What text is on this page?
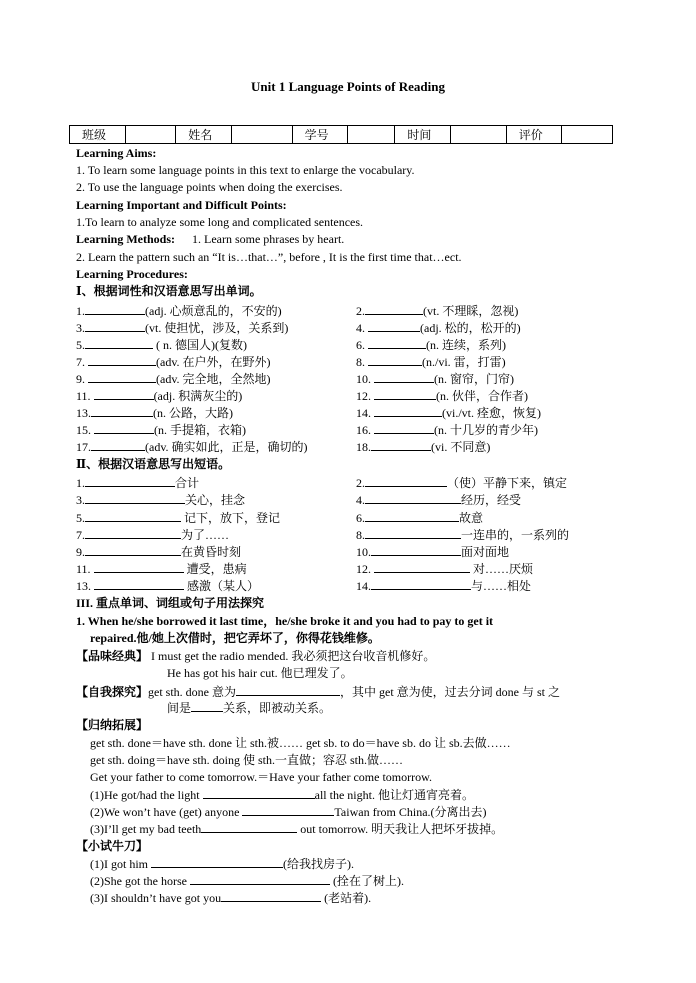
Unit 1 Language Points of Reading
班级		姓名		学号		时间		评价	
Learning Aims:
1. To learn some language points in this text to enlarge the vocabulary.
2. To use the language points when doing the exercises.
Learning Important and Difficult Points:
1.To learn to analyze some long and complicated sentences.
Learning Methods: 1. Learn some phrases by heart.
2. Learn the pattern such an “It is…that…”, before , It is the first time that…ect.
Learning Procedures:
Ⅰ、根据词性和汉语意思写出单词。
1.	(adj. 心烦意乱的，不安的)	2.	(vt. 不理睬，忽视)
3.	(vt. 使担忧，涉及，关系到)	4.	(adj. 松的，松开的)
5.	( n. 德国人)(复数)	6.	(n. 连续，系列)
7.	(adv. 在户外，在野外)	8.	(n./vi. 雷，打雷)
9.	(adv. 完全地，全然地)	10.	(n. 窗帘，门帘)
11.	(adj. 积满灰尘的)	12.	(n. 伙伴，合作者)
13.	(n. 公路，大路)	14.	(vi./vt. 痊愈，恢复)
15.	(n. 手提箱，衣箱)	16.	(n. 十几岁的青少年)
17.	(adv. 确实如此，正是，确切的)	18.	(vi. 不同意)
Ⅱ、根据汉语意思写出短语。
1.	合计	2.	（使）平静下来，镇定
3.	关心，挂念	4.	经历，经受
5.	记下，放下，登记	6.	故意
7.	为了……	8.	一连串的，一系列的
9.	在黄昏时刻	10.	面对面地
11.	遭受，患病	12.	对……厌烦
13.	感激（某人）	14.	与……相处
III. 重点单词、词组或句子用法探究
1. When he/she borrowed it last time，he/she broke it and you had to pay to get it
repaired.他/她上次借时，把它弄坏了，你得花钱维修。
【品味经典】 I must get the radio mended. 我必须把这台收音机修好。
He has got his hair cut. 他已理发了。
【自我探究】get sth. done 意为	，其中 get 意为使，过去分词 done 与 st 之
间是	关系，即被动关系。
【归纳拓展】
get sth. done＝have sth. done 让 sth.被…… get sb. to do＝have sb. do 让 sb.去做……
get sth. doing＝have sth. doing 使 sth.一直做；容忍 sth.做……
Get your father to come tomorrow.＝Have your father come tomorrow.
(1)He got/had the light	all the night. 他让灯通宵亮着。
(2)We won’t have (get) anyone	Taiwan from China.(分离出去)
(3)I’ll get my bad teeth	out tomorrow. 明天我让人把坏牙拔掉。
【小试牛刀】
(1)I got him	(给我找房子).
(2)She got the horse	(拴在了树上).
(3)I shouldn’t have got you	(老站着).
